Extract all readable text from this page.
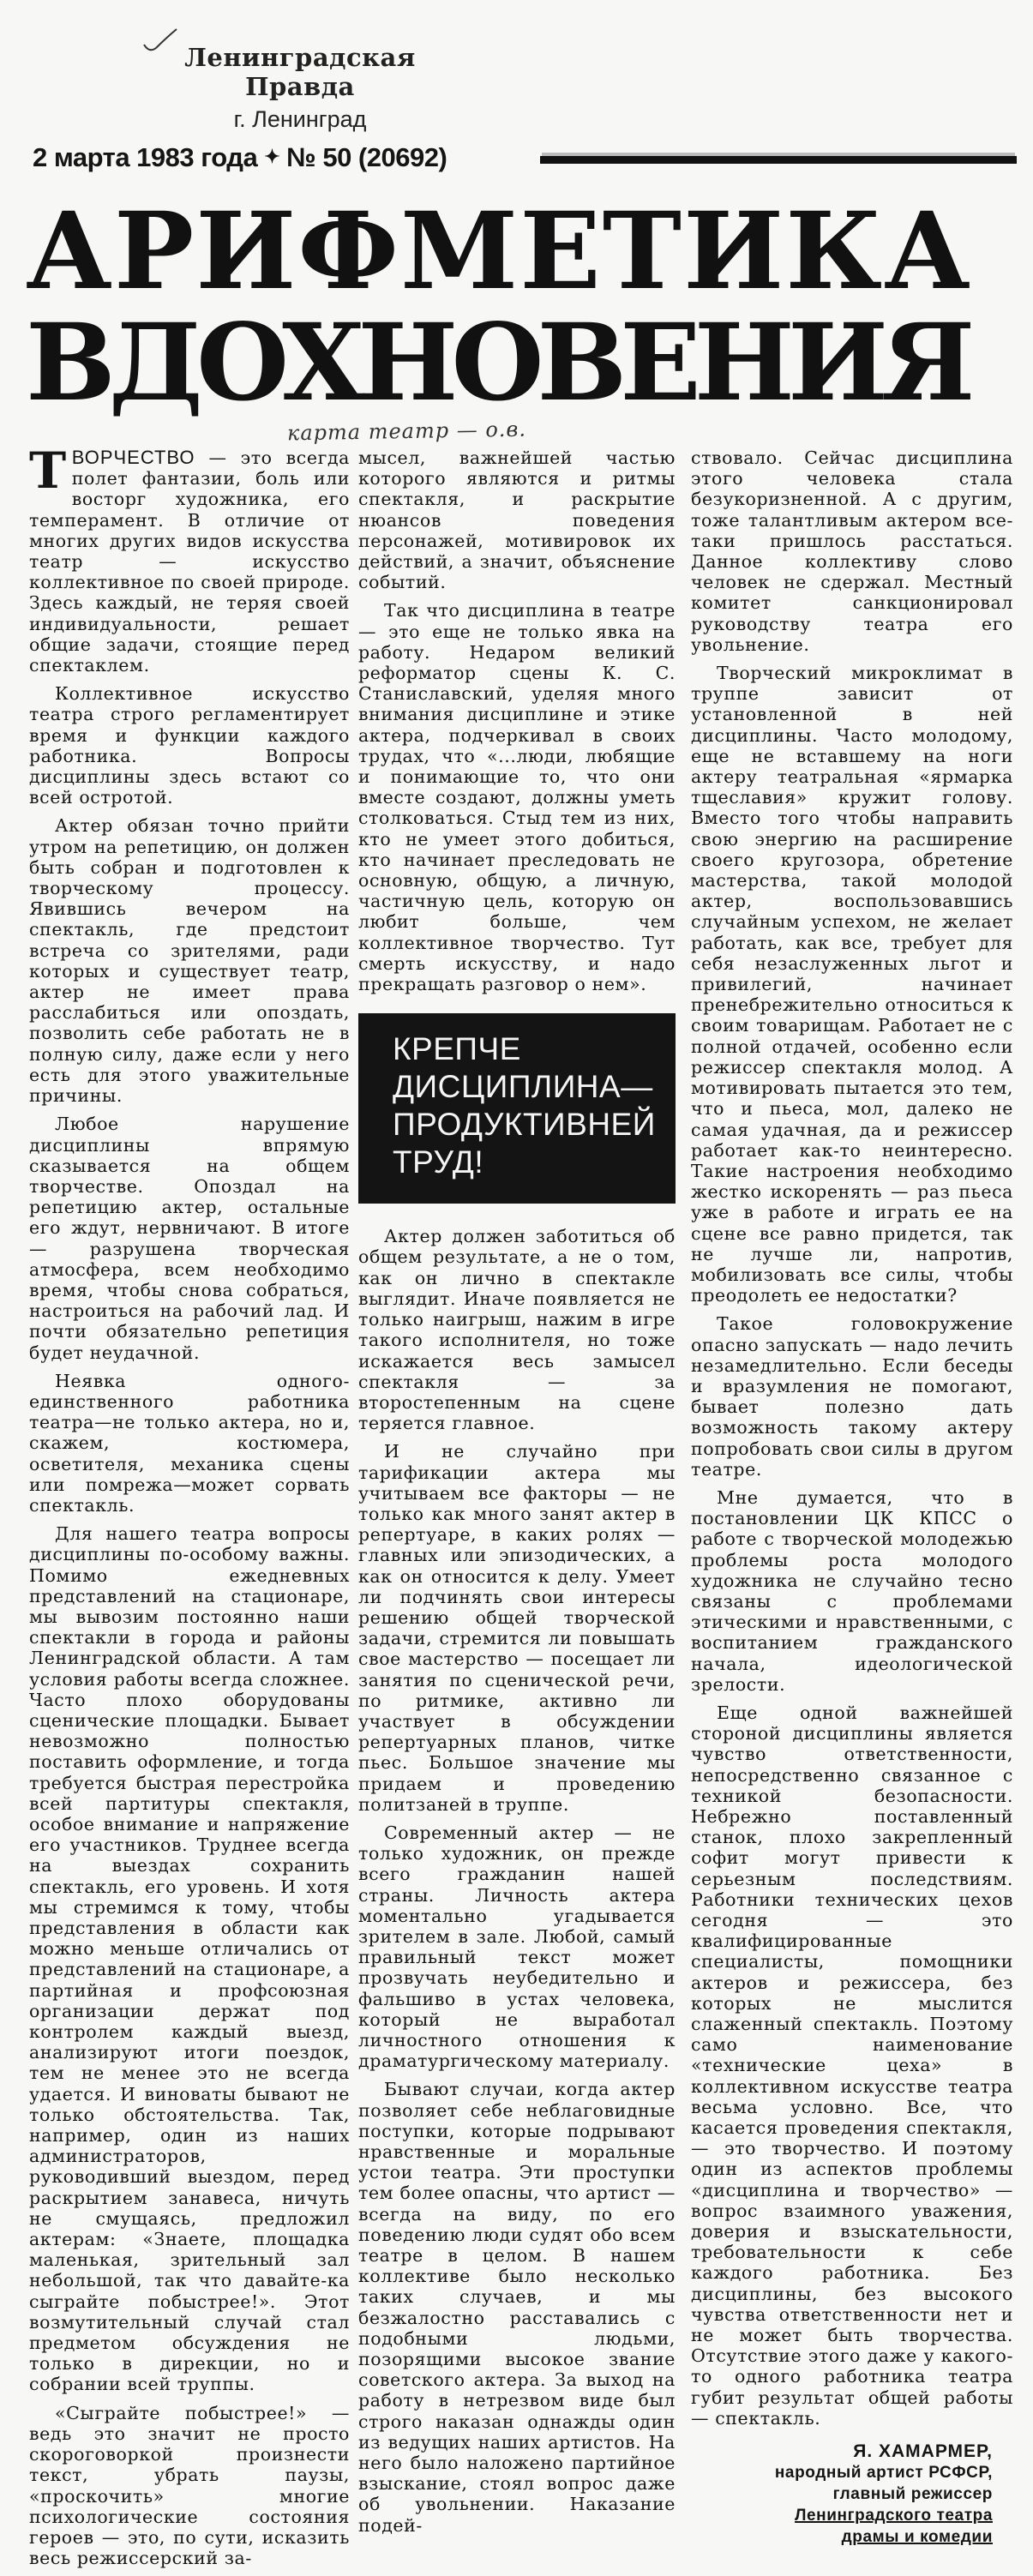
Ленинградская Правда
г. Ленинград
2 марта 1983 года ✦ № 50 (20692)
АРИФМЕТИКА
ВДОХНОВЕНИЯ
карта театр — о.в.

ТВОРЧЕСТВО — это всегда полет фантазии, боль или восторг художника, его темперамент. В отличие от многих других видов искусства театр — искусство коллективное по своей природе. Здесь каждый, не теряя своей индивидуальности, решает общие задачи, стоящие перед спектаклем.

Коллективное искусство театра строго регламентирует время и функции каждого работника. Вопросы дисциплины здесь встают со всей остротой.

Актер обязан точно прийти утром на репетицию, он должен быть собран и подготовлен к творческому процессу. Явившись вечером на спектакль, где предстоит встреча со зрителями, ради которых и существует театр, актер не имеет права расслабиться или опоздать, позволить себе работать не в полную силу, даже если у него есть для этого уважительные причины.

Любое нарушение дисциплины впрямую сказывается на общем творчестве. Опоздал на репетицию актер, остальные его ждут, нервничают. В итоге — разрушена творческая атмосфера, всем необходимо время, чтобы снова собраться, настроиться на рабочий лад. И почти обязательно репетиция будет неудачной.

Неявка одного-единственного работника театра—не только актера, но и, скажем, костюмера, осветителя, механика сцены или помрежа—может сорвать спектакль.

Для нашего театра вопросы дисциплины по-особому важны. Помимо ежедневных представлений на стационаре, мы вывозим постоянно наши спектакли в города и районы Ленинградской области. А там условия работы всегда сложнее. Часто плохо оборудованы сценические площадки. Бывает невозможно полностью поставить оформление, и тогда требуется быстрая перестройка всей партитуры спектакля, особое внимание и напряжение его участников. Труднее всегда на выездах сохранить спектакль, его уровень. И хотя мы стремимся к тому, чтобы представления в области как можно меньше отличались от представлений на стационаре, а партийная и профсоюзная организации держат под контролем каждый выезд, анализируют итоги поездок, тем не менее это не всегда удается. И виноваты бывают не только обстоятельства. Так, например, один из наших администраторов, руководивший выездом, перед раскрытием занавеса, ничуть не смущаясь, предложил актерам: «Знаете, площадка маленькая, зрительный зал небольшой, так что давайте-ка сыграйте побыстрее!». Этот возмутительный случай стал предметом обсуждения не только в дирекции, но и собрании всей труппы.

«Сыграйте побыстрее!» — ведь это значит не просто скороговоркой произнести текст, убрать паузы, «проскочить» многие психологические состояния героев — это, по сути, исказить весь режиссерский за-

мысел, важнейшей частью которого являются и ритмы спектакля, и раскрытие нюансов поведения персонажей, мотивировок их действий, а значит, объяснение событий.

Так что дисциплина в театре — это еще не только явка на работу. Недаром великий реформатор сцены К. С. Станиславский, уделяя много внимания дисциплине и этике актера, подчеркивал в своих трудах, что «...люди, любящие и понимающие то, что они вместе создают, должны уметь столковаться. Стыд тем из них, кто не умеет этого добиться, кто начинает преследовать не основную, общую, а личную, частичную цель, которую он любит больше, чем коллективное творчество. Тут смерть искусству, и надо прекращать разговор о нем».

КРЕПЧЕ
ДИСЦИПЛИНА—
ПРОДУКТИВНЕЙ
ТРУД!

Актер должен заботиться об общем результате, а не о том, как он лично в спектакле выглядит. Иначе появляется не только наигрыш, нажим в игре такого исполнителя, но тоже искажается весь замысел спектакля — за второстепенным на сцене теряется главное.

И не случайно при тарификации актера мы учитываем все факторы — не только как много занят актер в репертуаре, в каких ролях — главных или эпизодических, а как он относится к делу. Умеет ли подчинять свои интересы решению общей творческой задачи, стремится ли повышать свое мастерство — посещает ли занятия по сценической речи, по ритмике, активно ли участвует в обсуждении репертуарных планов, читке пьес. Большое значение мы придаем и проведению политзаней в труппе.

Современный актер — не только художник, он прежде всего гражданин нашей страны. Личность актера моментально угадывается зрителем в зале. Любой, самый правильный текст может прозвучать неубедительно и фальшиво в устах человека, который не выработал личностного отношения к драматургическому материалу.

Бывают случаи, когда актер позволяет себе неблаговидные поступки, которые подрывают нравственные и моральные устои театра. Эти проступки тем более опасны, что артист — всегда на виду, по его поведению люди судят обо всем театре в целом. В нашем коллективе было несколько таких случаев, и мы безжалостно расставались с подобными людьми, позорящими высокое звание советского актера. За выход на работу в нетрезвом виде был строго наказан однажды один из ведущих наших артистов. На него было наложено партийное взыскание, стоял вопрос даже об увольнении. Наказание подей-

ствовало. Сейчас дисциплина этого человека стала безукоризненной. А с другим, тоже талантливым актером все-таки пришлось расстаться. Данное коллективу слово человек не сдержал. Местный комитет санкционировал руководству театра его увольнение.

Творческий микроклимат в труппе зависит от установленной в ней дисциплины. Часто молодому, еще не вставшему на ноги актеру театральная «ярмарка тщеславия» кружит голову. Вместо того чтобы направить свою энергию на расширение своего кругозора, обретение мастерства, такой молодой актер, воспользовавшись случайным успехом, не желает работать, как все, требует для себя незаслуженных льгот и привилегий, начинает пренебрежительно относиться к своим товарищам. Работает не с полной отдачей, особенно если режиссер спектакля молод. А мотивировать пытается это тем, что и пьеса, мол, далеко не самая удачная, да и режиссер работает как-то неинтересно. Такие настроения необходимо жестко искоренять — раз пьеса уже в работе и играть ее на сцене все равно придется, так не лучше ли, напротив, мобилизовать все силы, чтобы преодолеть ее недостатки?

Такое головокружение опасно запускать — надо лечить незамедлительно. Если беседы и вразумления не помогают, бывает полезно дать возможность такому актеру попробовать свои силы в другом театре.

Мне думается, что в постановлении ЦК КПСС о работе с творческой молодежью проблемы роста молодого художника не случайно тесно связаны с проблемами этическими и нравственными, с воспитанием гражданского начала, идеологической зрелости.

Еще одной важнейшей стороной дисциплины является чувство ответственности, непосредственно связанное с техникой безопасности. Небрежно поставленный станок, плохо закрепленный софит могут привести к серьезным последствиям. Работники технических цехов сегодня — это квалифицированные специалисты, помощники актеров и режиссера, без которых не мыслится слаженный спектакль. Поэтому само наименование «технические цеха» в коллективном искусстве театра весьма условно. Все, что касается проведения спектакля, — это творчество. И поэтому один из аспектов проблемы «дисциплина и творчество» — вопрос взаимного уважения, доверия и взыскательности, требовательности к себе каждого работника. Без дисциплины, без высокого чувства ответственности нет и не может быть творчества. Отсутствие этого даже у какого-то одного работника театра губит результат общей работы — спектакль.

Я. ХАМАРМЕР,
народный артист РСФСР,
главный режиссер
Ленинградского театра
драмы и комедии
